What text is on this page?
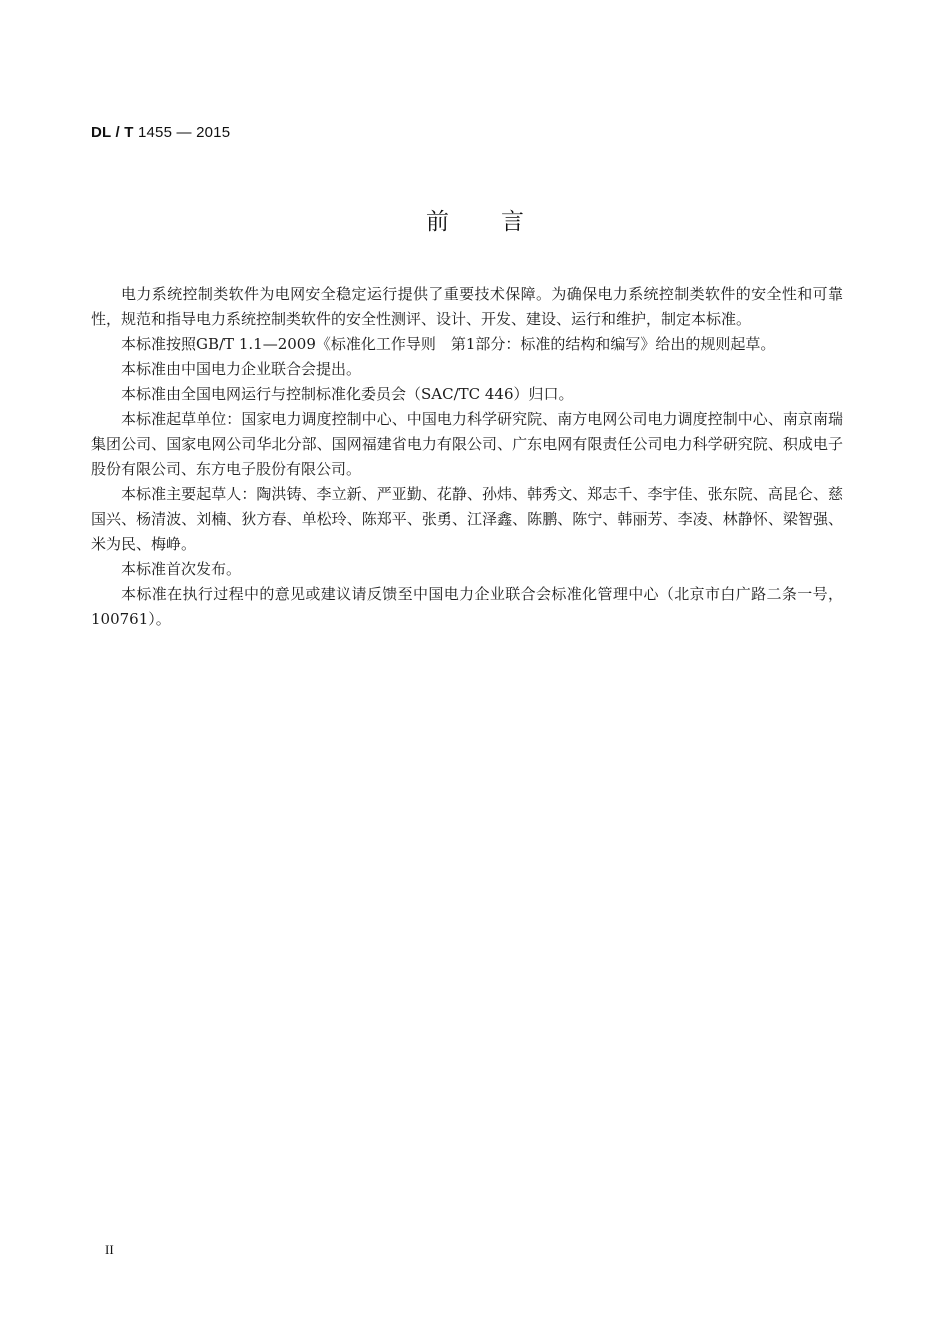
DL / T 1455 — 2015
前言

电力系统控制类软件为电网安全稳定运行提供了重要技术保障。为确保电力系统控制类软件的安全性和可靠性，规范和指导电力系统控制类软件的安全性测评、设计、开发、建设、运行和维护，制定本标准。

本标准按照GB/T 1.1—2009《标准化工作导则　第1部分：标准的结构和编写》给出的规则起草。

本标准由中国电力企业联合会提出。

本标准由全国电网运行与控制标准化委员会（SAC/TC 446）归口。

本标准起草单位：国家电力调度控制中心、中国电力科学研究院、南方电网公司电力调度控制中心、南京南瑞集团公司、国家电网公司华北分部、国网福建省电力有限公司、广东电网有限责任公司电力科学研究院、积成电子股份有限公司、东方电子股份有限公司。

本标准主要起草人：陶洪铸、李立新、严亚勤、花静、孙炜、韩秀文、郑志千、李宇佳、张东院、高昆仑、慈国兴、杨清波、刘楠、狄方春、单松玲、陈郑平、张勇、江泽鑫、陈鹏、陈宁、韩丽芳、李凌、林静怀、梁智强、米为民、梅峥。

本标准首次发布。

本标准在执行过程中的意见或建议请反馈至中国电力企业联合会标准化管理中心（北京市白广路二条一号，100761）。

II
